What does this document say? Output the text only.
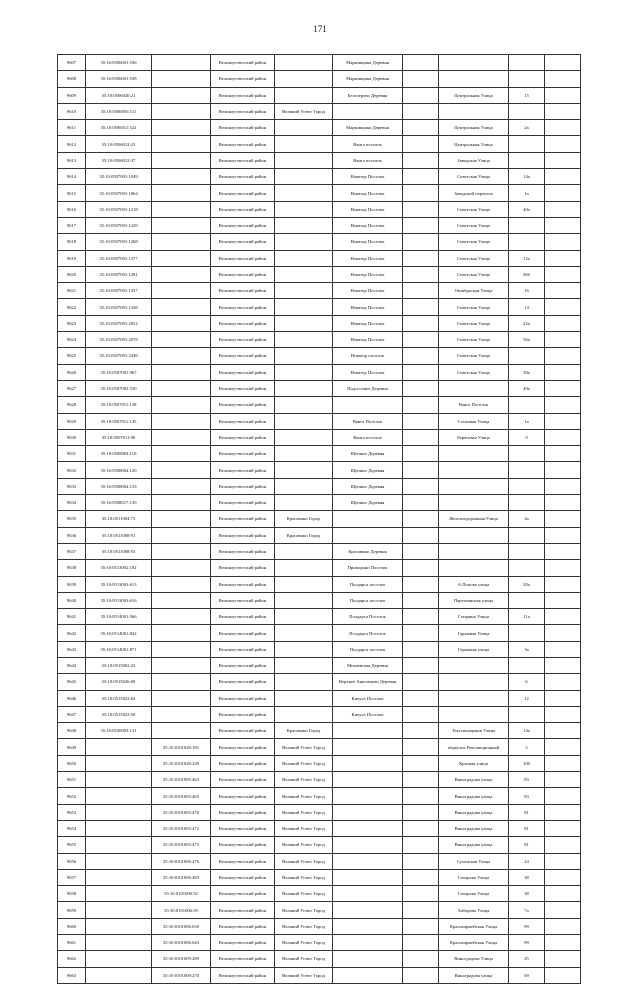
171
9607	35:10:0506001:536		Великоустюгский район		Марковщина Деревня				
9608	35:10:0506001:538		Великоустюгский район		Марковщина Деревня				
9609	35:10:0506026:21		Великоустюгский район		Белозерово Деревня		Центральная Улица	15	
9610	35:10:0506056:111		Великоустюгский район	Великий Устюг Город					
9611	35:10:0506011:522		Великоустюгский район		Марковщина Деревня		Центральная Улица	2а	
9612	35:10:0506012:23		Великоустюгский район		Ванга поселок		Центральная Улица		
9613	35:10:0506012:37		Великоустюгский район		Ванга поселок		Заводская Улица		
9614	35:10:0507001:1049		Великоустюгский район		Новатор Поселок		Советская Улица	14а	
9615	35:10:0507001:1064		Великоустюгский район		Новатор Поселок		Заводской переулок	1а	
9616	35:10:0507001:1218		Великоустюгский район		Новатор Поселок		Советская Улица	40а	
9617	35:10:0507001:1229		Великоустюгский район		Новатор Поселок		Советская Улица		
9618	35:10:0507001:1268		Великоустюгский район		Новатор Поселок		Советская Улица		
9619	35:10:0507001:1277		Великоустюгский район		Новатор Поселок		Советская Улица	12а	
9620	35:10:0507001:1281		Великоустюгский район		Новатор Поселок		Советская Улица	36б	
9621	35:10:0507001:1337		Великоустюгский район		Новатор Поселок		Октябрьская Улица	16	
9622	35:10:0507001:1338		Великоустюгский район		Новатор Поселок		Советская Улица	14	
9623	35:10:0507001:2052		Великоустюгский район		Новатор Поселок		Советская Улица	22а	
9624	35:10:0507001:2078		Великоустюгский район		Новатор Поселок		Советская Улица	56а	
9625	35:10:0507001:2436		Великоустюгский район		Новатор поселок		Советская Улица		
9626	35:10:0507001:967		Великоустюгский район		Новатор Поселок		Советская Улица	30а	
9627	35:10:0507003:530		Великоустюгский район		Подсосенье Деревня			49а	
9628	35:10:0507011:138		Великоустюгский район				Ванга Поселок		
9629	35:10:0507011:145		Великоустюгский район		Ванга Поселок		Сосновая Улица	1а	
9630	35:10:0507011:90		Великоустюгский район		Ванга поселок		Береговая Улица	9	
9631	35:10:0508004:110		Великоустюгский район		Щепино Деревня				
9632	35:10:0508004:120		Великоустюгский район		Щепино Деревня				
9633	35:10:0508004:133		Великоустюгский район		Щепино Деревня				
9634	35:10:0508017:139		Великоустюгский район		Щепино Деревня				
9635	35:10:0511004:73		Великоустюгский район	Красавино Город			Железнодорожная Улица	4а	
9636	35:10:0511008:91		Великоустюгский район	Красавино Город					
9637	35:10:0511008:93		Великоустюгский район		Красавино Деревня				
9638	35:10:0513002:102		Великоустюгский район		Приводино Поселок				
9639	35:10:0513003:613		Великоустюгский район		Полдарса поселок		А.Попова улица	20а	
9640	35:10:0513003:616		Великоустюгский район		Полдарса поселок		Партизанская улица		
9641	35:10:0514001:566		Великоустюгский район		Полдарса Поселок		Гагарина Улица	11а	
9642	35:10:0514001:842		Великоустюгский район		Полдарса Поселок		Гаражная Улица		
9643	35:10:0514001:871		Великоустюгский район		Полдарса поселок		Гаражная улица	3а	
9644	35:10:0515002:23		Великоустюгский район		Михеевская Деревня				
9645	35:10:0515026:69		Великоустюгский район		Верхнее Анисимово Деревня			6	
9646	35:10:0515023:64		Великоустюгский район		Кичуга Поселок			12	
9647	35:10:0515023:50		Великоустюгский район		Кичуга Поселок				
9648	35:10:0520003:131		Великоустюгский район	Красавино Город			Текстильщиков Улица	14а	
9649		35:10:0101028:181	Великоустюгский район	Великий Устюг Город			переулок Революционный	5	
9650		35:10:0101028:249	Великоустюгский район	Великий Устюг Город			Красная улица	100	
9651		35:10:0101005:463	Великоустюгский район	Великий Устюг Город			Виноградова улица	83	
9652		35:10:0101005:465	Великоустюгский район	Великий Устюг Город			Виноградова улица	83	
9653		35:10:0101005:470	Великоустюгский район	Великий Устюг Город			Виноградова улица	81	
9654		35:10:0101005:472	Великоустюгский район	Великий Устюг Город			Виноградова улица	81	
9655		35:10:0101005:473	Великоустюгский район	Великий Устюг Город			Виноградова улица	81	
9656		35:10:0101006:476	Великоустюгский район	Великий Устюг Город			Сухонская Улица	24	
9657		35:10:0101006:483	Великоустюгский район	Великий Устюг Город			Сахарова Улица	38	
9658		35:10:0101006:52	Великоустюгский район	Великий Устюг Город			Сахарова Улица	38	
9659		35:10:0101006:59	Великоустюгский район	Великий Устюг Город			Хабарова Улица	7а	
9660		35:10:0101006:630	Великоустюгский район	Великий Устюг Город			Красноармейская Улица	99	
9661		35:10:0101006:643	Великоустюгский район	Великий Устюг Город			Красноармейская Улица	99	
9662		35:10:0101009:289	Великоустюгский район	Великий Устюг Город			Виноградова Улица	25	
9663		35:10:0101009:270	Великоустюгский район	Великий Устюг Город			Виноградова улица	69	
